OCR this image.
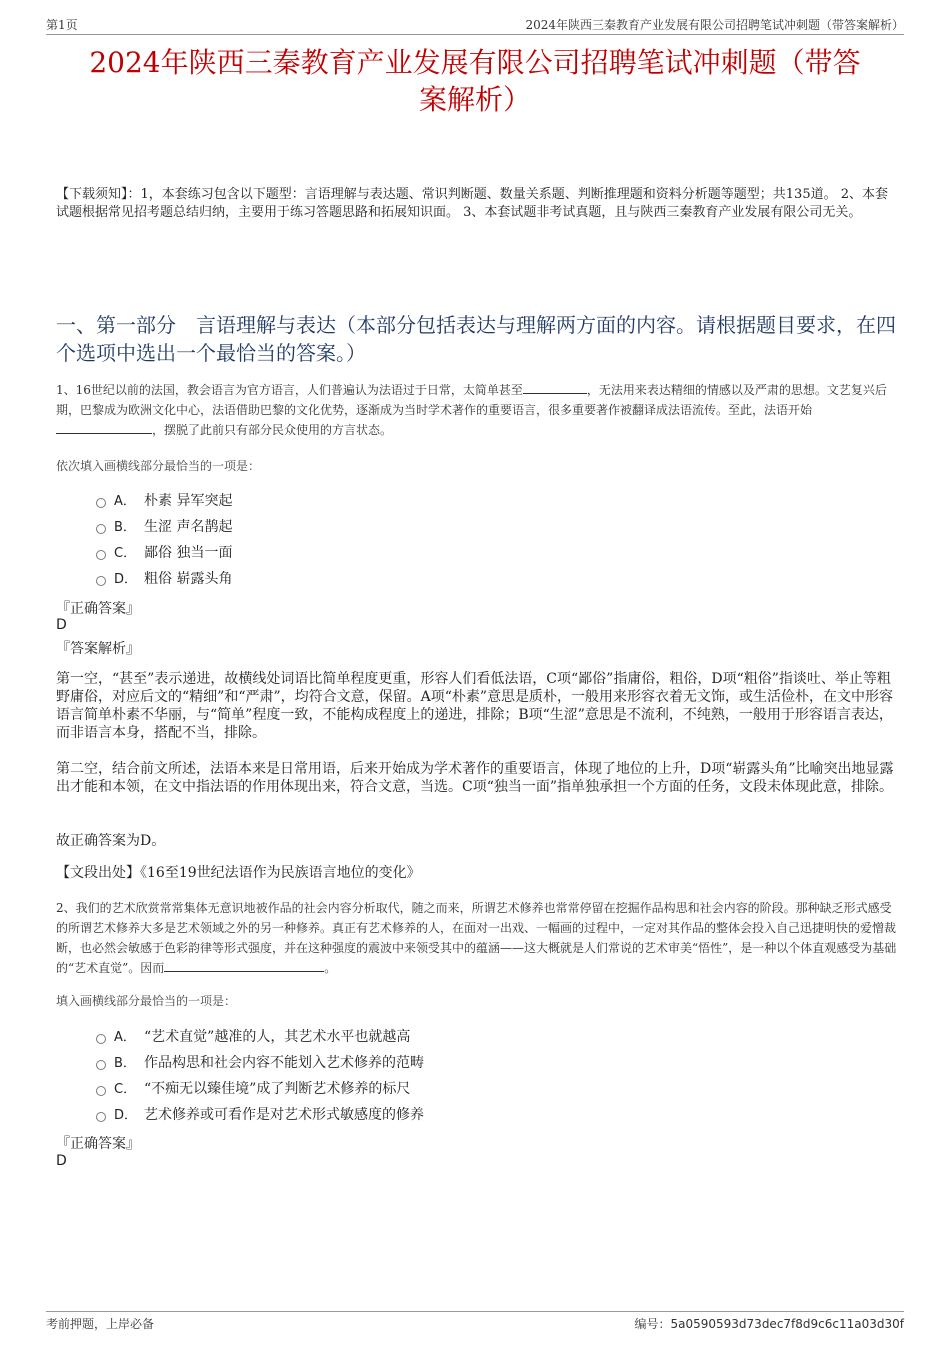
第1页	2024年陕西三秦教育产业发展有限公司招聘笔试冲刺题（带答案解析）
2024年陕西三秦教育产业发展有限公司招聘笔试冲刺题（带答
案解析）
【下载须知】：1，本套练习包含以下题型：言语理解与表达题、常识判断题、数量关系题、判断推理题和资料分析题等题型；共135道。 2、本套试题根据常见招考题总结归纳，主要用于练习答题思路和拓展知识面。 3、本套试题非考试真题，且与陕西三秦教育产业发展有限公司无关。
一、第一部分　言语理解与表达（本部分包括表达与理解两方面的内容。请根据题目要求，在四个选项中选出一个最恰当的答案。）
1、16世纪以前的法国，教会语言为官方语言，人们普遍认为法语过于日常，太简单甚至	，无法用来表达精细的情感以及严肃的思想。文艺复兴后期，巴黎成为欧洲文化中心，法语借助巴黎的文化优势，逐渐成为当时学术著作的重要语言，很多重要著作被翻译成法语流传。至此，法语开始，摆脱了此前只有部分民众使用的方言状态。
依次填入画横线部分最恰当的一项是：
A． 朴素 异军突起
B． 生涩 声名鹊起
C． 鄙俗 独当一面
D． 粗俗 崭露头角
『正确答案』
D
『答案解析』
第一空，“甚至”表示递进，故横线处词语比简单程度更重，形容人们看低法语，C项“鄙俗”指庸俗，粗俗，D项“粗俗”指谈吐、举止等粗野庸俗，对应后文的“精细”和“严肃”，均符合文意，保留。A项“朴素”意思是质朴，一般用来形容衣着无文饰，或生活俭朴，在文中形容语言简单朴素不华丽，与“简单”程度一致，不能构成程度上的递进，排除；B项“生涩”意思是不流利，不纯熟，一般用于形容语言表达，而非语言本身，搭配不当，排除。
第二空，结合前文所述，法语本来是日常用语，后来开始成为学术著作的重要语言，体现了地位的上升，D项“崭露头角”比喻突出地显露出才能和本领，在文中指法语的作用体现出来，符合文意，当选。C项“独当一面”指单独承担一个方面的任务，文段未体现此意，排除。
故正确答案为D。
【文段出处】《16至19世纪法语作为民族语言地位的变化》
2、我们的艺术欣赏常常集体无意识地被作品的社会内容分析取代，随之而来，所谓艺术修养也常常停留在挖掘作品构思和社会内容的阶段。那种缺乏形式感受的所谓艺术修养大多是艺术领域之外的另一种修养。真正有艺术修养的人，在面对一出戏、一幅画的过程中，一定对其作品的整体会投入自己迅捷明快的爱憎裁断，也必然会敏感于色彩韵律等形式强度，并在这种强度的震波中来领受其中的蕴涵——这大概就是人们常说的艺术审美“悟性”，是一种以个体直观感受为基础的“艺术直觉”。因而	。
填入画横线部分最恰当的一项是：
A． “艺术直觉”越准的人，其艺术水平也就越高
B． 作品构思和社会内容不能划入艺术修养的范畴
C． “不痴无以臻佳境”成了判断艺术修养的标尺
D． 艺术修养或可看作是对艺术形式敏感度的修养
『正确答案』
D
考前押题，上岸必备	编号：5a0590593d73dec7f8d9c6c11a03d30f
